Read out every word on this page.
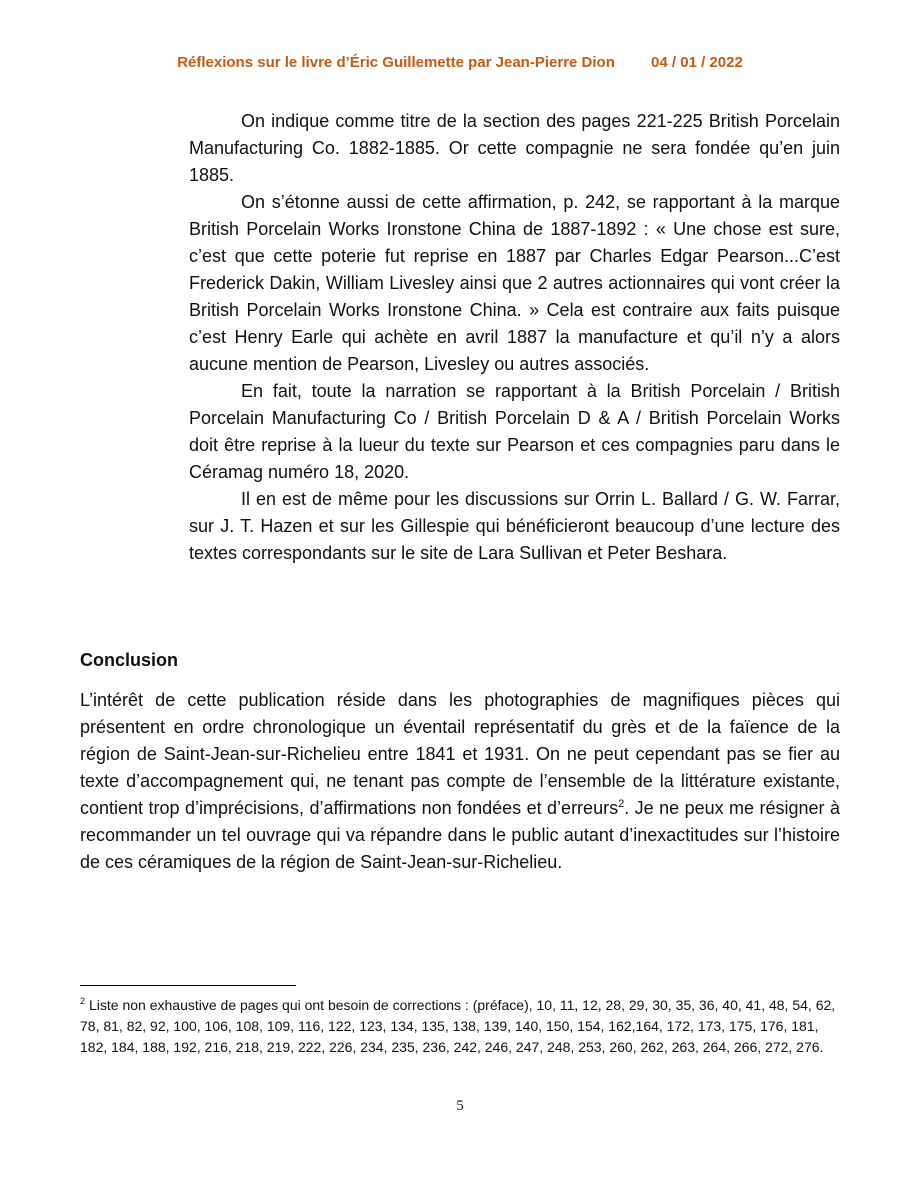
Réflexions sur le livre d’Éric Guillemette par Jean-Pierre Dion 04 / 01 / 2022

On indique comme titre de la section des pages 221-225 British Porcelain Manufacturing Co. 1882-1885. Or cette compagnie ne sera fondée qu’en juin 1885.

On s’étonne aussi de cette affirmation, p. 242, se rapportant à la marque British Porcelain Works Ironstone China de 1887-1892 : « Une chose est sure, c’est que cette poterie fut reprise en 1887 par Charles Edgar Pearson...C’est Frederick Dakin, William Livesley ainsi que 2 autres actionnaires qui vont créer la British Porcelain Works Ironstone China. » Cela est contraire aux faits puisque c’est Henry Earle qui achète en avril 1887 la manufacture et qu’il n’y a alors aucune mention de Pearson, Livesley ou autres associés.

En fait, toute la narration se rapportant à la British Porcelain / British Porcelain Manufacturing Co / British Porcelain D & A / British Porcelain Works doit être reprise à la lueur du texte sur Pearson et ces compagnies paru dans le Céramag numéro 18, 2020.

Il en est de même pour les discussions sur Orrin L. Ballard / G. W. Farrar, sur J. T. Hazen et sur les Gillespie qui bénéficieront beaucoup d’une lecture des textes correspondants sur le site de Lara Sullivan et Peter Beshara.

Conclusion

L’intérêt de cette publication réside dans les photographies de magnifiques pièces qui présentent en ordre chronologique un éventail représentatif du grès et de la faïence de la région de Saint-Jean-sur-Richelieu entre 1841 et 1931. On ne peut cependant pas se fier au texte d’accompagnement qui, ne tenant pas compte de l’ensemble de la littérature existante, contient trop d’imprécisions, d’affirmations non fondées et d’erreurs$^2$. Je ne peux me résigner à recommander un tel ouvrage qui va répandre dans le public autant d’inexactitudes sur l’histoire de ces céramiques de la région de Saint-Jean-sur-Richelieu.

$^2$ Liste non exhaustive de pages qui ont besoin de corrections : (préface), 10, 11, 12, 28, 29, 30, 35, 36, 40, 41, 48, 54, 62, 78, 81, 82, 92, 100, 106, 108, 109, 116, 122, 123, 134, 135, 138, 139, 140, 150, 154, 162,164, 172, 173, 175, 176, 181, 182, 184, 188, 192, 216, 218, 219, 222, 226, 234, 235, 236, 242, 246, 247, 248, 253, 260, 262, 263, 264, 266, 272, 276.

5
